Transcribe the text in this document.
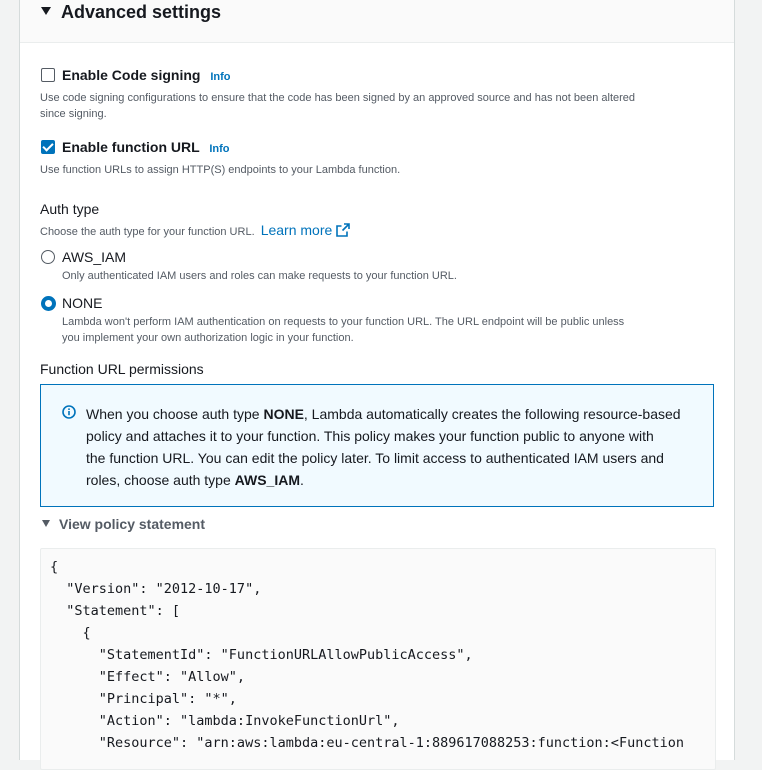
Advanced settings
Enable Code signing Info
Use code signing configurations to ensure that the code has been signed by an approved source and has not been altered
since signing.
Enable function URL Info
Use function URLs to assign HTTP(S) endpoints to your Lambda function.
Auth type
Choose the auth type for your function URL. Learn more
AWS_IAM
Only authenticated IAM users and roles can make requests to your function URL.
NONE
Lambda won't perform IAM authentication on requests to your function URL. The URL endpoint will be public unless
you implement your own authorization logic in your function.
Function URL permissions
When you choose auth type NONE, Lambda automatically creates the following resource-based
policy and attaches it to your function. This policy makes your function public to anyone with
the function URL. You can edit the policy later. To limit access to authenticated IAM users and
roles, choose auth type AWS_IAM.
View policy statement
{
"Version": "2012-10-17",
"Statement": [
{
"StatementId": "FunctionURLAllowPublicAccess",
"Effect": "Allow",
"Principal": "*",
"Action": "lambda:InvokeFunctionUrl",
"Resource": "arn:aws:lambda:eu-central-1:889617088253:function:<Function
